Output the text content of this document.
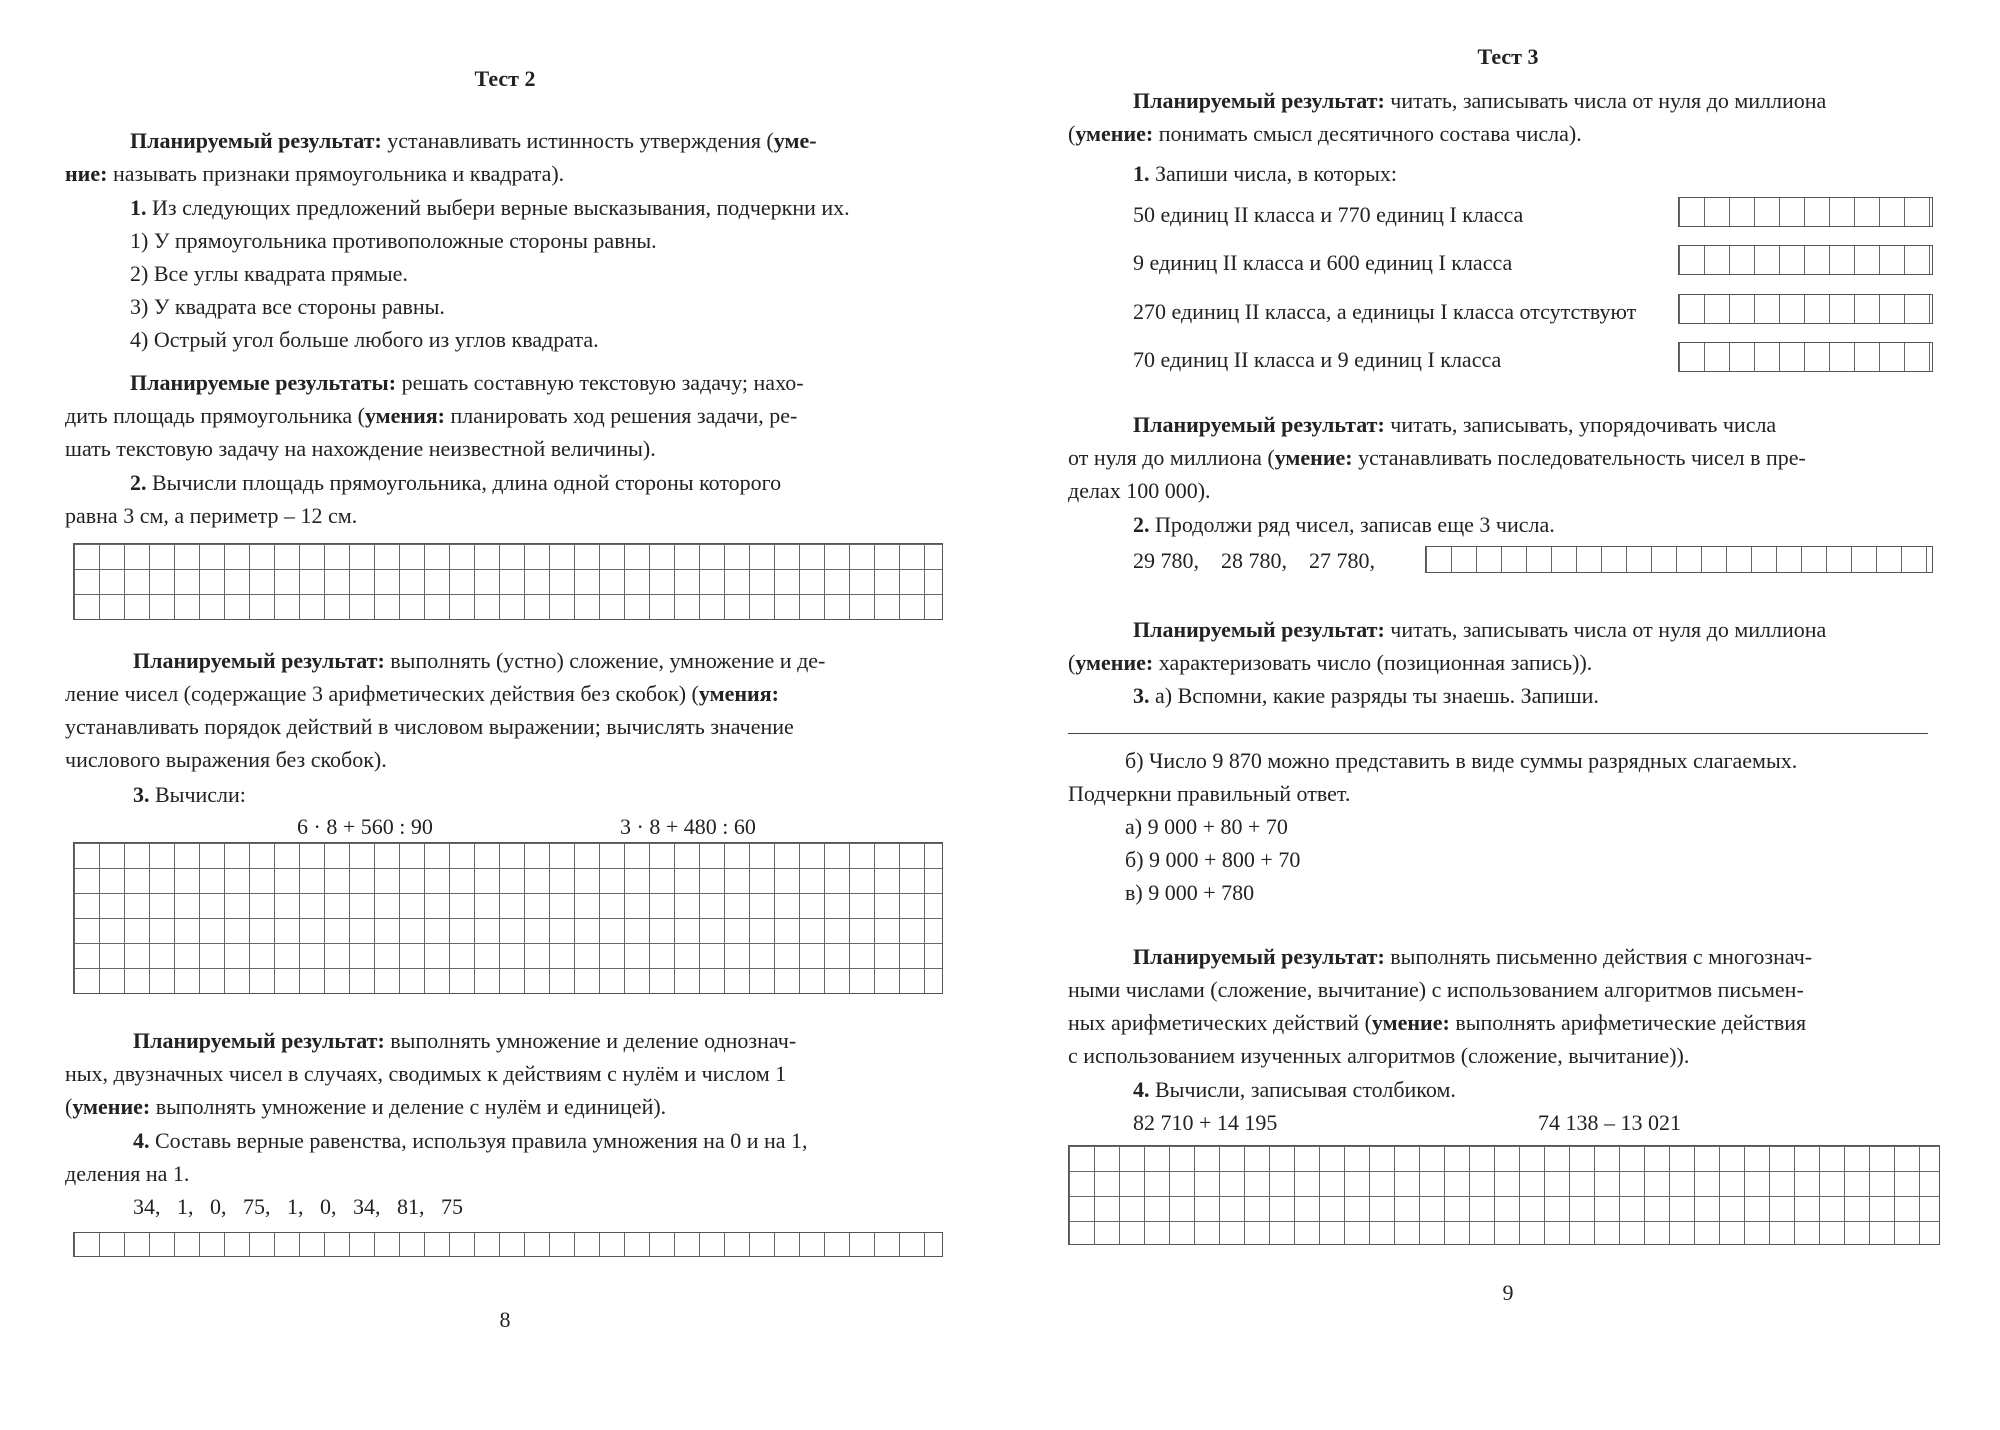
Тест 2
Планируемый результат: устанавливать истинность утверждения (уме-
ние: называть признаки прямоугольника и квадрата).
1. Из следующих предложений выбери верные высказывания, подчеркни их.
1) У прямоугольника противоположные стороны равны.
2) Все углы квадрата прямые.
3) У квадрата все стороны равны.
4) Острый угол больше любого из углов квадрата.
Планируемые результаты: решать составную текстовую задачу; нахо-
дить площадь прямоугольника (умения: планировать ход решения задачи, ре-
шать текстовую задачу на нахождение неизвестной величины).
2. Вычисли площадь прямоугольника, длина одной стороны которого
равна 3 см, а периметр – 12 см.
Планируемый результат: выполнять (устно) сложение, умножение и де-
ление чисел (содержащие 3 арифметических действия без скобок) (умения:
устанавливать порядок действий в числовом выражении; вычислять значение
числового выражения без скобок).
3. Вычисли:
6 · 8 + 560 : 90	3 · 8 + 480 : 60
Планируемый результат: выполнять умножение и деление однознач-
ных, двузначных чисел в случаях, сводимых к действиям с нулём и числом 1
(умение: выполнять умножение и деление с нулём и единицей).
4. Составь верные равенства, используя правила умножения на 0 и на 1,
деления на 1.
34,   1,   0,   75,   1,   0,   34,   81,   75
8
Тест 3
Планируемый результат: читать, записывать числа от нуля до миллиона
(умение: понимать смысл десятичного состава числа).
1. Запиши числа, в которых:
50 единиц II класса и 770 единиц I класса
9 единиц II класса и 600 единиц I класса
270 единиц II класса, а единицы I класса отсутствуют
70 единиц II класса и 9 единиц I класса
Планируемый результат: читать, записывать, упорядочивать числа
от нуля до миллиона (умение: устанавливать последовательность чисел в пре-
делах 100 000).
2. Продолжи ряд чисел, записав еще 3 числа.
29 780,    28 780,    27 780,
Планируемый результат: читать, записывать числа от нуля до миллиона
(умение: характеризовать число (позиционная запись)).
3. а) Вспомни, какие разряды ты знаешь. Запиши.
б) Число 9 870 можно представить в виде суммы разрядных слагаемых.
Подчеркни правильный ответ.
а) 9 000 + 80 + 70
б) 9 000 + 800 + 70
в) 9 000 + 780
Планируемый результат: выполнять письменно действия с многознач-
ными числами (сложение, вычитание) с использованием алгоритмов письмен-
ных арифметических действий (умение: выполнять арифметические действия
с использованием изученных алгоритмов (сложение, вычитание)).
4. Вычисли, записывая столбиком.
82 710 + 14 195	74 138 – 13 021
9
